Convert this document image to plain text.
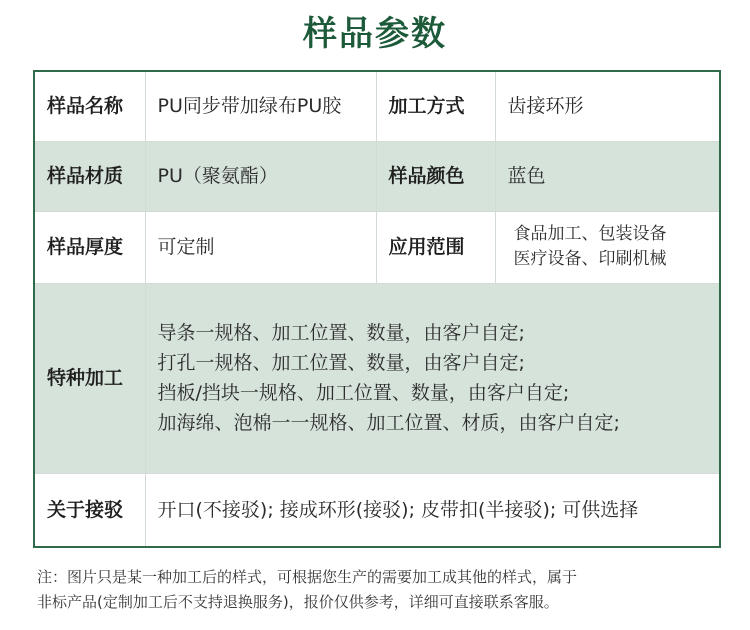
样品参数
样品名称	PU同步带加绿布PU胶	加工方式	齿接环形
样品材质	PU（聚氨酯）	样品颜色	蓝色
样品厚度	可定制	应用范围	食品加工、包装设备
医疗设备、印刷机械

特种加工	导条一规格、加工位置、数量，由客户自定;
打孔一规格、加工位置、数量，由客户自定;
挡板/挡块一规格、加工位置、数量，由客户自定;
加海绵、泡棉一一规格、加工位置、材质，由客户自定;		

关于接驳	开口(不接驳); 接成环形(接驳); 皮带扣(半接驳); 可供选择		
注：图片只是某一种加工后的样式，可根据您生产的需要加工成其他的样式，属于
非标产品(定制加工后不支持退换服务)，报价仅供参考，详细可直接联系客服。
